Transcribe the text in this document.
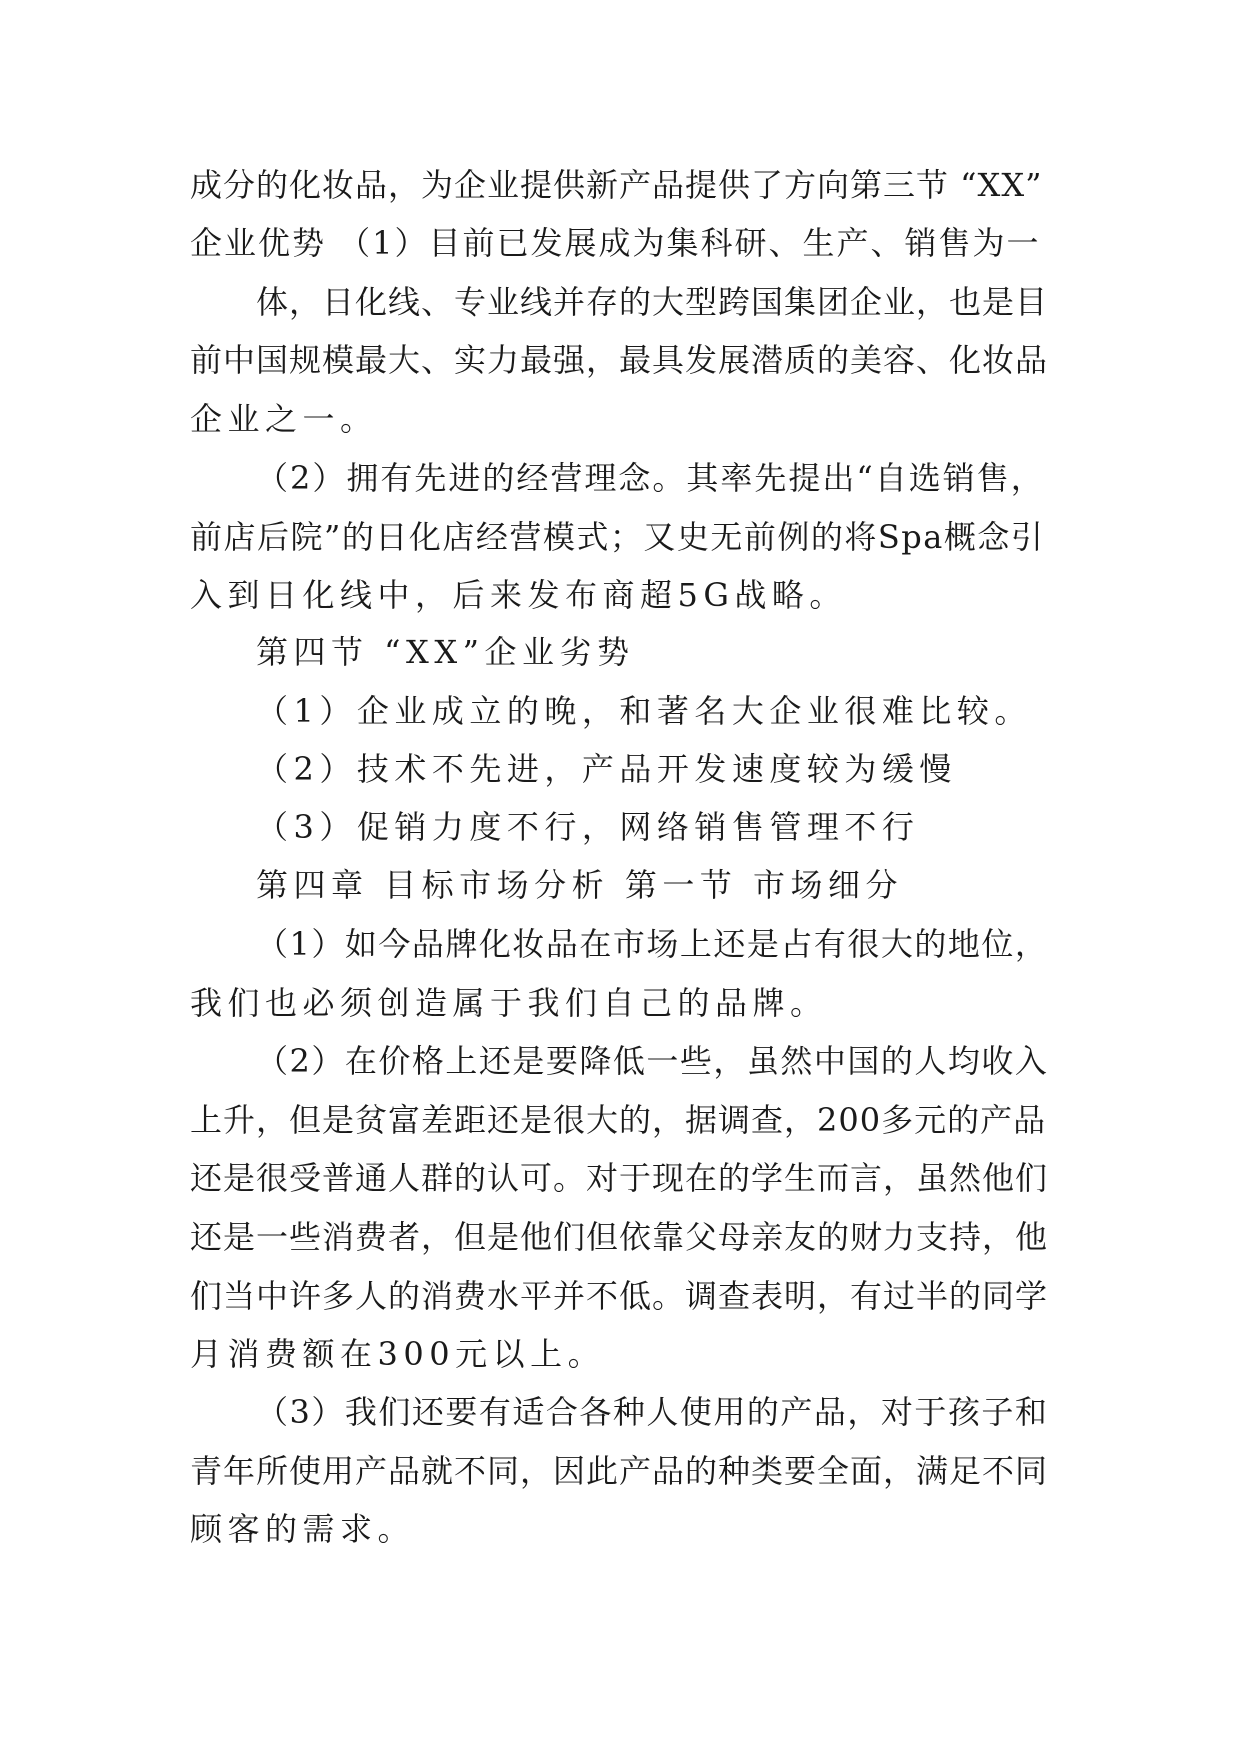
成分的化妆品，为企业提供新产品提供了方向第三节 “XX”
企业优势 （1）目前已发展成为集科研、生产、销售为一
体，日化线、专业线并存的大型跨国集团企业，也是目
前中国规模最大、实力最强，最具发展潜质的美容、化妆品
企业之一。
（2）拥有先进的经营理念。其率先提出“自选销售，
前店后院”的日化店经营模式；又史无前例的将Spa概念引
入到日化线中，后来发布商超5G战略。
第四节 “XX”企业劣势
（1）企业成立的晚，和著名大企业很难比较。
（2）技术不先进，产品开发速度较为缓慢
（3）促销力度不行，网络销售管理不行
第四章 目标市场分析 第一节 市场细分
（1）如今品牌化妆品在市场上还是占有很大的地位，
我们也必须创造属于我们自己的品牌。
（2）在价格上还是要降低一些，虽然中国的人均收入
上升，但是贫富差距还是很大的，据调查，200多元的产品
还是很受普通人群的认可。对于现在的学生而言，虽然他们
还是一些消费者，但是他们但依靠父母亲友的财力支持，他
们当中许多人的消费水平并不低。调查表明，有过半的同学
月消费额在300元以上。
（3）我们还要有适合各种人使用的产品，对于孩子和
青年所使用产品就不同，因此产品的种类要全面，满足不同
顾客的需求。
